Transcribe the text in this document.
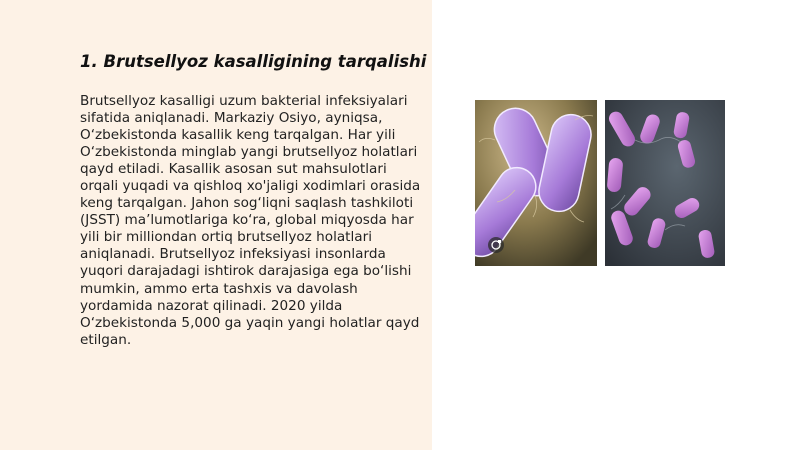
1. Brutsellyoz kasalligining tarqalishi

Brutsellyoz kasalligi uzum bakterial infeksiyalari sifatida aniqlanadi. Markaziy Osiyo, ayniqsa, O‘zbekistonda kasallik keng tarqalgan. Har yili O‘zbekistonda minglab yangi brutsellyoz holatlari qayd etiladi. Kasallik asosan sut mahsulotlari orqali yuqadi va qishloq xo'jaligi xodimlari orasida keng tarqalgan. Jahon sog‘liqni saqlash tashkiloti (JSST) ma’lumotlariga ko‘ra, global miqyosda har yili bir milliondan ortiq brutsellyoz holatlari aniqlanadi. Brutsellyoz infeksiyasi insonlarda yuqori darajadagi ishtirok darajasiga ega bo‘lishi mumkin, ammo erta tashxis va davolash yordamida nazorat qilinadi. 2020 yilda O‘zbekistonda 5,000 ga yaqin yangi holatlar qayd etilgan.
